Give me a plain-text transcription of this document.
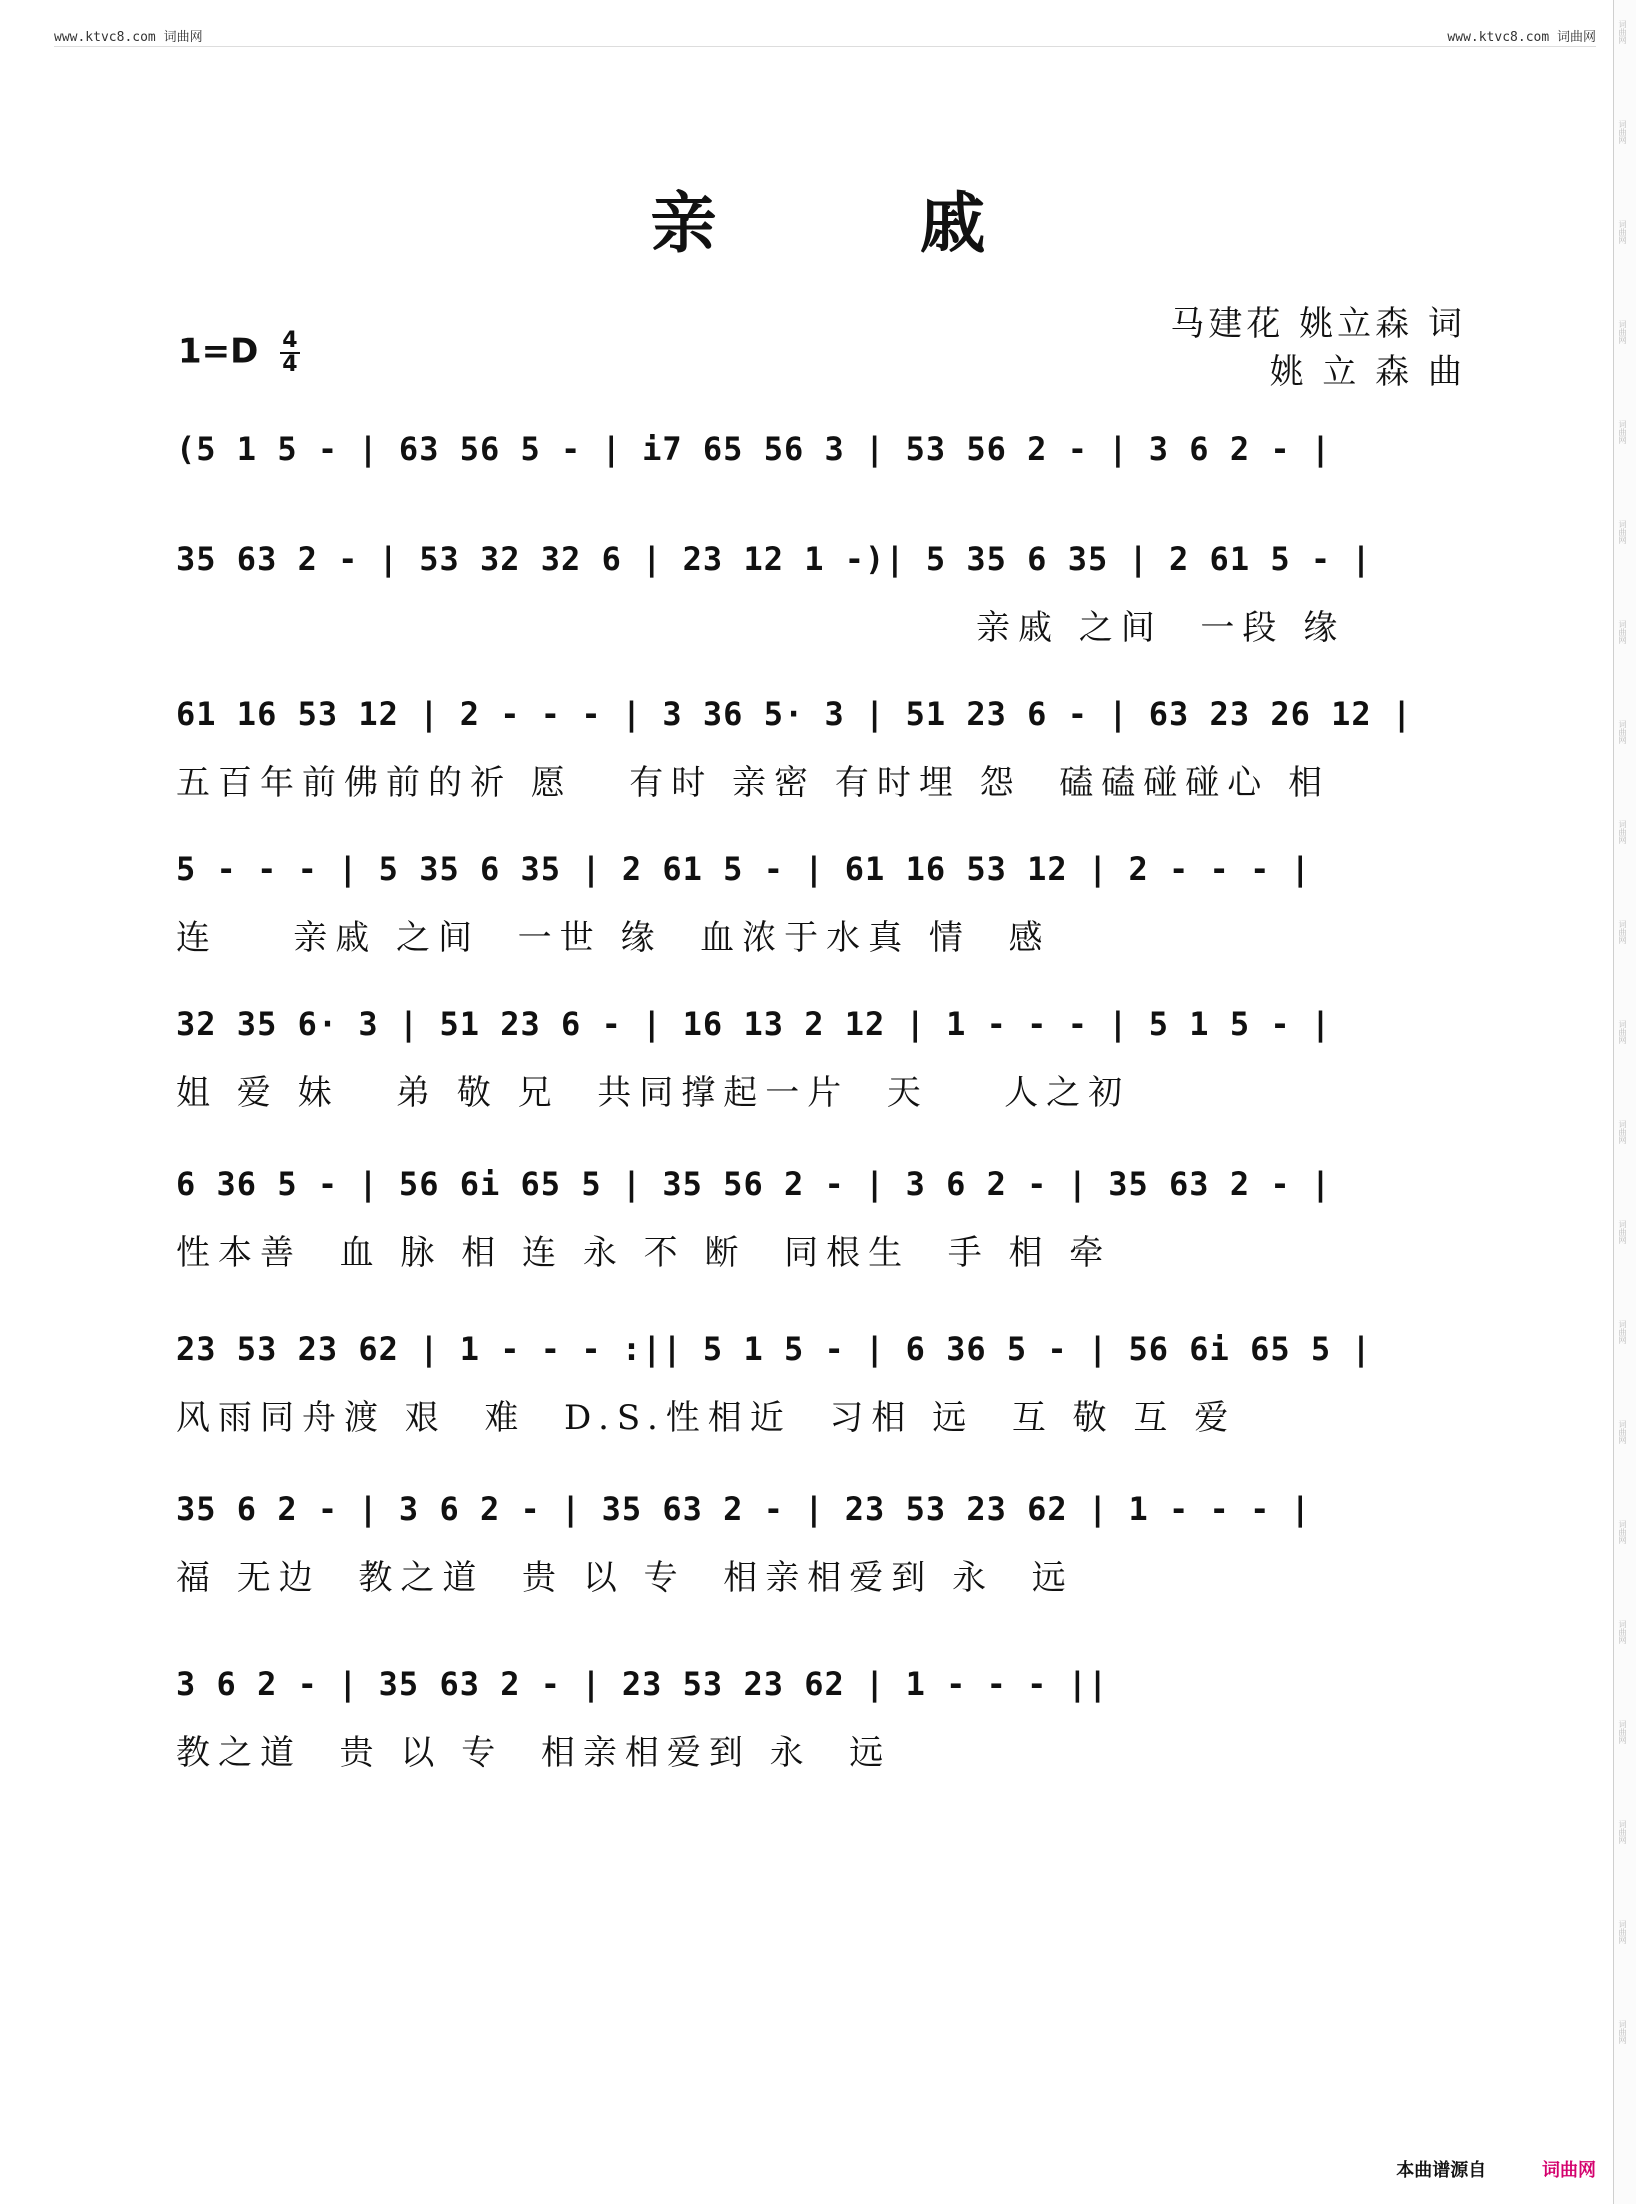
词曲网
词曲网
词曲网
词曲网
词曲网
词曲网
词曲网
词曲网
词曲网
词曲网
词曲网
词曲网
词曲网
词曲网
词曲网
词曲网
词曲网
词曲网
词曲网
词曲网
词曲网
www.ktvc8.com 词曲网	www.ktvc8.com 词曲网
亲 戚
$1=D \frac{4}{4}$
马建花 姚立森 词
姚 立 森 曲
(5 1 5 - | 63 56 5 - | i7 65 56 3 | 53 56 2 - | 3 6 2 - |
35 63 2 - | 53 32 32 6 | 23 12 1 -)| 5 35 6 35 | 2 61 5 - |
亲戚 之间  一段 缘
61 16 53 12 | 2 - - - | 3 36 5· 3 | 51 23 6 - | 63 23 26 12 |
五百年前佛前的祈 愿   有时 亲密 有时埋 怨  磕磕碰碰心 相
5 - - - | 5 35 6 35 | 2 61 5 - | 61 16 53 12 | 2 - - - |
连    亲戚 之间  一世 缘  血浓于水真 情  感
32 35 6· 3 | 51 23 6 - | 16 13 2 12 | 1 - - - | 5 1 5 - |
姐 爱 妹   弟 敬 兄  共同撑起一片  天    人之初
6 36 5 - | 56 6i 65 5 | 35 56 2 - | 3 6 2 - | 35 63 2 - |
性本善  血 脉 相 连 永 不 断  同根生  手 相 牵
23 53 23 62 | 1 - - - :|| 5 1 5 - | 6 36 5 - | 56 6i 65 5 |
风雨同舟渡 艰  难  D.S.性相近  习相 远  互 敬 互 爱
35 6 2 - | 3 6 2 - | 35 63 2 - | 23 53 23 62 | 1 - - - |
福 无边  教之道  贵 以 专  相亲相爱到 永  远
3 6 2 - | 35 63 2 - | 23 53 23 62 | 1 - - - ||
教之道  贵 以 专  相亲相爱到 永  远
本曲谱源自	词曲网
